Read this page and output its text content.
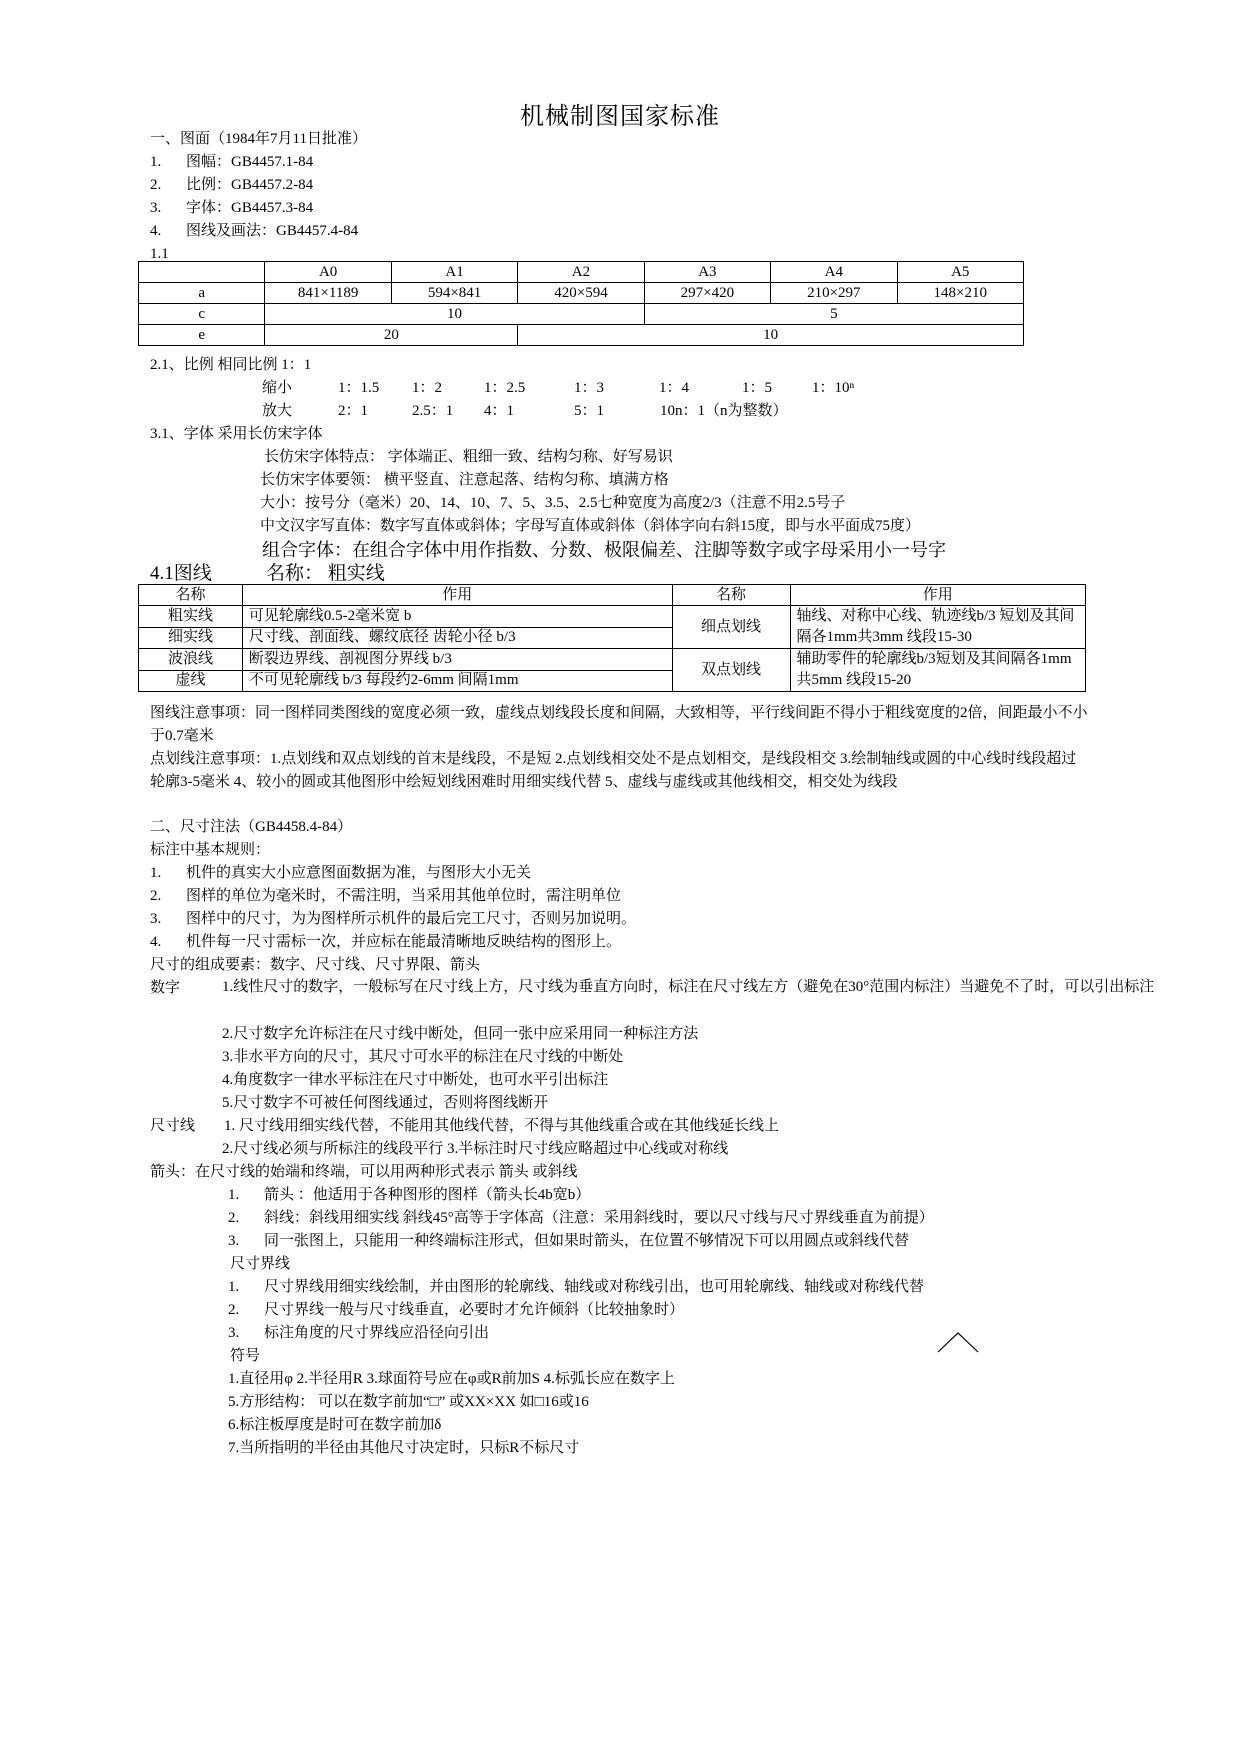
机械制图国家标准
一、图面（1984年7月11日批准）
1. 图幅：GB4457.1-84
2. 比例：GB4457.2-84
3. 字体：GB4457.3-84
4. 图线及画法：GB4457.4-84
1.1
	A0	A1	A2	A3	A4	A5
a	841×1189	594×841	420×594	297×420	210×297	148×210
c	10			5		
e	20		10			
2.1、比例 相同比例 1：1
缩小	1：1.5 1：2	1：2.5	1：3	1：4	1：5	1：10ⁿ
放大	2：1	2.5：1 4：1	5：1	10n：1（n为整数）
3.1、字体 采用长仿宋字体
长仿宋字体特点： 字体端正、粗细一致、结构匀称、好写易识
长仿宋字体要领： 横平竖直、注意起落、结构匀称、填满方格
大小：按号分（毫米）20、14、10、7、5、3.5、2.5七种宽度为高度2/3（注意不用2.5号子
中文汉字写直体：数字写直体或斜体；字母写直体或斜体（斜体字向右斜15度，即与水平面成75度）
组合字体：在组合字体中用作指数、分数、极限偏差、注脚等数字或字母采用小一号字
4.1图线	名称： 粗实线
名称	作用	名称	作用
粗实线	可见轮廓线0.5-2毫米宽 b	细点划线	轴线、对称中心线、轨迹线b/3 短划及其间隔各1mm共3mm 线段15-30
细实线	尺寸线、剖面线、螺纹底径 齿轮小径 b/3		
波浪线	断裂边界线、剖视图分界线 b/3	双点划线	辅助零件的轮廓线b/3短划及其间隔各1mm共5mm 线段15-20
虚线	不可见轮廓线 b/3 每段约2-6mm 间隔1mm		
图线注意事项：同一图样同类图线的宽度必须一致，虚线点划线段长度和间隔，大致相等，平行线间距不得小于粗线宽度的2倍，间距最小不小于0.7毫米
点划线注意事项：1.点划线和双点划线的首末是线段，不是短 2.点划线相交处不是点划相交，是线段相交 3.绘制轴线或圆的中心线时线段超过轮廓3-5毫米 4、较小的圆或其他图形中绘短划线困难时用细实线代替 5、虚线与虚线或其他线相交，相交处为线段
二、尺寸注法（GB4458.4-84）
标注中基本规则：
1. 机件的真实大小应意图面数据为准，与图形大小无关
2. 图样的单位为毫米时，不需注明，当采用其他单位时，需注明单位
3. 图样中的尺寸，为为图样所示机件的最后完工尺寸，否则另加说明。
4. 机件每一尺寸需标一次，并应标在能最清晰地反映结构的图形上。
尺寸的组成要素：数字、尺寸线、尺寸界限、箭头
数字	1.线性尺寸的数字，一般标写在尺寸线上方，尺寸线为垂直方向时，标注在尺寸线左方（避免在30°范围内标注）当避免不了时，可以引出标注
2.尺寸数字允许标注在尺寸线中断处，但同一张中应采用同一种标注方法
3.非水平方向的尺寸，其尺寸可水平的标注在尺寸线的中断处
4.角度数字一律水平标注在尺寸中断处，也可水平引出标注
5.尺寸数字不可被任何图线通过，否则将图线断开
尺寸线 1. 尺寸线用细实线代替，不能用其他线代替，不得与其他线重合或在其他线延长线上
2.尺寸线必须与所标注的线段平行 3.半标注时尺寸线应略超过中心线或对称线
箭头：在尺寸线的始端和终端，可以用两种形式表示 箭头 或斜线
1. 箭头 ：他适用于各种图形的图样（箭头长4b宽b）
2. 斜线：斜线用细实线 斜线45°高等于字体高（注意：采用斜线时，要以尺寸线与尺寸界线垂直为前提）
3. 同一张图上，只能用一种终端标注形式，但如果时箭头，在位置不够情况下可以用圆点或斜线代替
尺寸界线
1. 尺寸界线用细实线绘制，并由图形的轮廓线、轴线或对称线引出，也可用轮廓线、轴线或对称线代替
2. 尺寸界线一般与尺寸线垂直，必要时才允许倾斜（比较抽象时）
3. 标注角度的尺寸界线应沿径向引出
符号
1.直径用φ 2.半径用R 3.球面符号应在φ或R前加S 4.标弧长应在数字上
5.方形结构： 可以在数字前加“□” 或XX×XX 如□16或16
6.标注板厚度是时可在数字前加δ
7.当所指明的半径由其他尺寸决定时，只标R不标尺寸
